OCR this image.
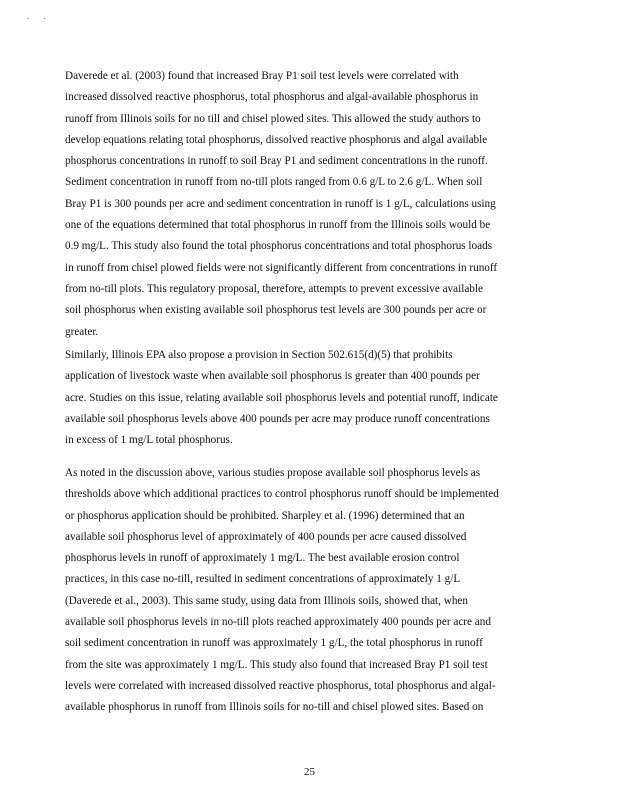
. .
Daverede et al. (2003) found that increased Bray P1 soil test levels were correlated with
increased dissolved reactive phosphorus, total phosphorus and algal-available phosphorus in
runoff from Illinois soils for no till and chisel plowed sites. This allowed the study authors to
develop equations relating total phosphorus, dissolved reactive phosphorus and algal available
phosphorus concentrations in runoff to soil Bray P1 and sediment concentrations in the runoff.
Sediment concentration in runoff from no-till plots ranged from 0.6 g/L to 2.6 g/L. When soil
Bray P1 is 300 pounds per acre and sediment concentration in runoff is 1 g/L, calculations using
one of the equations determined that total phosphorus in runoff from the Illinois soils would be
0.9 mg/L. This study also found the total phosphorus concentrations and total phosphorus loads
in runoff from chisel plowed fields were not significantly different from concentrations in runoff
from no-till plots. This regulatory proposal, therefore, attempts to prevent excessive available
soil phosphorus when existing available soil phosphorus test levels are 300 pounds per acre or
greater.
Similarly, Illinois EPA also propose a provision in Section 502.615(d)(5) that prohibits
application of livestock waste when available soil phosphorus is greater than 400 pounds per
acre. Studies on this issue, relating available soil phosphorus levels and potential runoff, indicate
available soil phosphorus levels above 400 pounds per acre may produce runoff concentrations
in excess of 1 mg/L total phosphorus.
As noted in the discussion above, various studies propose available soil phosphorus levels as
thresholds above which additional practices to control phosphorus runoff should be implemented
or phosphorus application should be prohibited. Sharpley et al. (1996) determined that an
available soil phosphorus level of approximately of 400 pounds per acre caused dissolved
phosphorus levels in runoff of approximately 1 mg/L. The best available erosion control
practices, in this case no-till, resulted in sediment concentrations of approximately 1 g/L
(Daverede et al., 2003). This same study, using data from Illinois soils, showed that, when
available soil phosphorus levels in no-till plots reached approximately 400 pounds per acre and
soil sediment concentration in runoff was approximately 1 g/L, the total phosphorus in runoff
from the site was approximately 1 mg/L. This study also found that increased Bray P1 soil test
levels were correlated with increased dissolved reactive phosphorus, total phosphorus and algal-
available phosphorus in runoff from Illinois soils for no-till and chisel plowed sites. Based on
25
